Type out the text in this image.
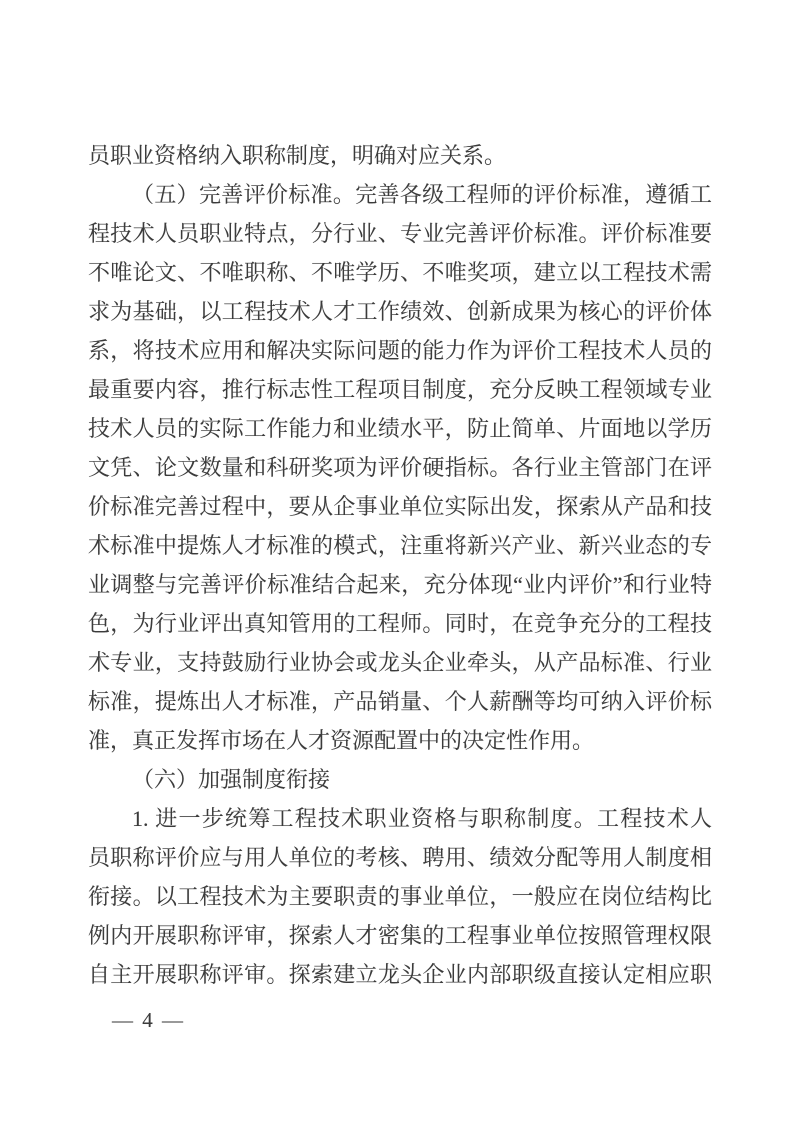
员职业资格纳入职称制度，明确对应关系。
（五）完善评价标准。完善各级工程师的评价标准，遵循工
程技术人员职业特点，分行业、专业完善评价标准。评价标准要
不唯论文、不唯职称、不唯学历、不唯奖项，建立以工程技术需
求为基础，以工程技术人才工作绩效、创新成果为核心的评价体
系，将技术应用和解决实际问题的能力作为评价工程技术人员的
最重要内容，推行标志性工程项目制度，充分反映工程领域专业
技术人员的实际工作能力和业绩水平，防止简单、片面地以学历
文凭、论文数量和科研奖项为评价硬指标。各行业主管部门在评
价标准完善过程中，要从企事业单位实际出发，探索从产品和技
术标准中提炼人才标准的模式，注重将新兴产业、新兴业态的专
业调整与完善评价标准结合起来，充分体现“业内评价”和行业特
色，为行业评出真知管用的工程师。同时，在竞争充分的工程技
术专业，支持鼓励行业协会或龙头企业牵头，从产品标准、行业
标准，提炼出人才标准，产品销量、个人薪酬等均可纳入评价标
准，真正发挥市场在人才资源配置中的决定性作用。
（六）加强制度衔接
1. 进一步统筹工程技术职业资格与职称制度。工程技术人
员职称评价应与用人单位的考核、聘用、绩效分配等用人制度相
衔接。以工程技术为主要职责的事业单位，一般应在岗位结构比
例内开展职称评审，探索人才密集的工程事业单位按照管理权限
自主开展职称评审。探索建立龙头企业内部职级直接认定相应职
— 4 —
